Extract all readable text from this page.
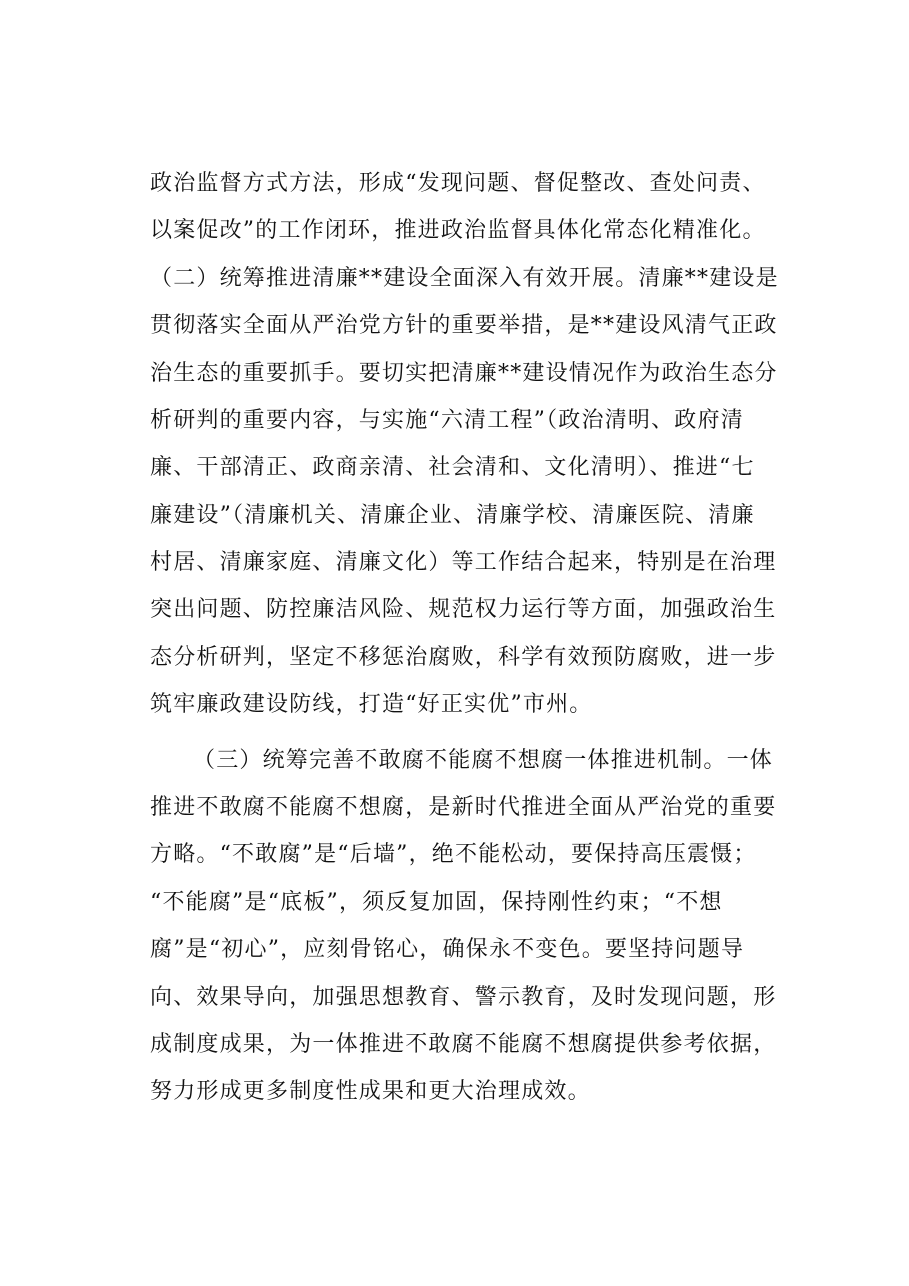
政治监督方式方法，形成“发现问题、督促整改、查处问责、
以案促改”的工作闭环，推进政治监督具体化常态化精准化。
（二）统筹推进清廉**建设全面深入有效开展。清廉**建设是
贯彻落实全面从严治党方针的重要举措，是**建设风清气正政
治生态的重要抓手。要切实把清廉**建设情况作为政治生态分
析研判的重要内容，与实施“六清工程”（政治清明、政府清
廉、干部清正、政商亲清、社会清和、文化清明）、推进“七
廉建设”（清廉机关、清廉企业、清廉学校、清廉医院、清廉
村居、清廉家庭、清廉文化）等工作结合起来，特别是在治理
突出问题、防控廉洁风险、规范权力运行等方面，加强政治生
态分析研判，坚定不移惩治腐败，科学有效预防腐败，进一步
筑牢廉政建设防线，打造“好正实优”市州。
（三）统筹完善不敢腐不能腐不想腐一体推进机制。一体
推进不敢腐不能腐不想腐，是新时代推进全面从严治党的重要
方略。“不敢腐”是“后墙”，绝不能松动，要保持高压震慑；
“不能腐”是“底板”，须反复加固，保持刚性约束；“不想
腐”是“初心”，应刻骨铭心，确保永不变色。要坚持问题导
向、效果导向，加强思想教育、警示教育，及时发现问题，形
成制度成果，为一体推进不敢腐不能腐不想腐提供参考依据，
努力形成更多制度性成果和更大治理成效。
